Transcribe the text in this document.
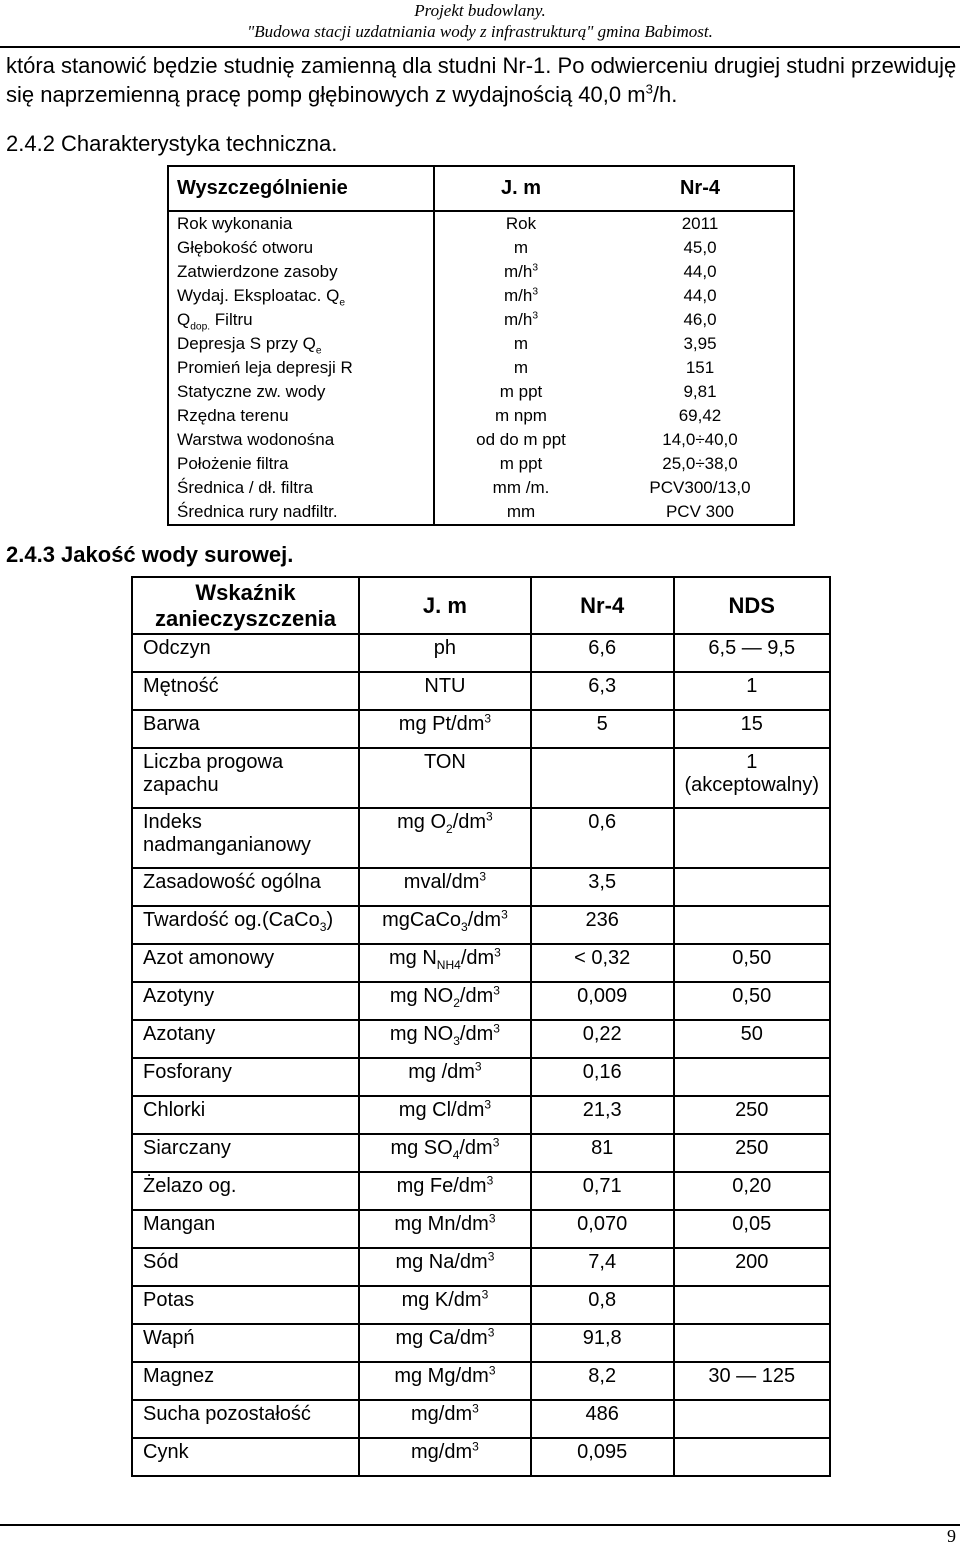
Projekt budowlany.
"Budowa stacji uzdatniania wody z infrastrukturą" gmina Babimost.
która stanowić będzie studnię zamienną dla studni Nr-1. Po odwierceniu drugiej studni przewiduję się naprzemienną pracę pomp głębinowych z wydajnością 40,0 $m^3/h$.
2.4.2 Charakterystyka techniczna.
Wyszczególnienie	J. m	Nr-4
Rok wykonania	Rok	2011
Głębokość otworu	m	45,0
Zatwierdzone zasoby	$m/h^3$	44,0
Wydaj. Eksploatac. $Q_e$	$m/h^3$	44,0
$Q_{dop.}$ Filtru	$m/h^3$	46,0
Depresja S przy $Q_e$	m	3,95
Promień leja depresji R	m	151
Statyczne zw. wody	m ppt	9,81
Rzędna terenu	m npm	69,42
Warstwa wodonośna	od do m ppt	14,0÷40,0
Położenie filtra	m ppt	25,0÷38,0
Średnica / dł. filtra	mm /m.	PCV300/13,0
Średnica rury nadfiltr.	mm	PCV 300
2.4.3 Jakość wody surowej.
Wskaźnik zanieczyszczenia	J. m	Nr-4	NDS
Odczyn	ph	6,6	6,5 — 9,5
Mętność	NTU	6,3	1
Barwa	mg $Pt/dm^3$	5	15
Liczba progowa zapachu	TON		1 (akceptowalny)
Indeks nadmanganianowy	mg $O_2/dm^3$	0,6	
Zasadowość ogólna	mval/$dm^3$	3,5	
Twardość og.(CaCo$_3$)	$mgCaCo_3/dm^3$	236	
Azot amonowy	mg $N_{NH4}/dm^3$	< 0,32	0,50
Azotyny	mg $NO_2/dm^3$	0,009	0,50
Azotany	mg $NO_3/dm^3$	0,22	50
Fosforany	mg $/dm^3$	0,16	
Chlorki	mg $Cl/dm^3$	21,3	250
Siarczany	mg $SO_4/dm^3$	81	250
Żelazo og.	mg $Fe/dm^3$	0,71	0,20
Mangan	mg $Mn/dm^3$	0,070	0,05
Sód	mg $Na/dm^3$	7,4	200
Potas	mg $K/dm^3$	0,8	
Wapń	mg $Ca/dm^3$	91,8	
Magnez	mg $Mg/dm^3$	8,2	30 — 125
Sucha pozostałość	$mg/dm^3$	486	
Cynk	$mg/dm^3$	0,095	
9
